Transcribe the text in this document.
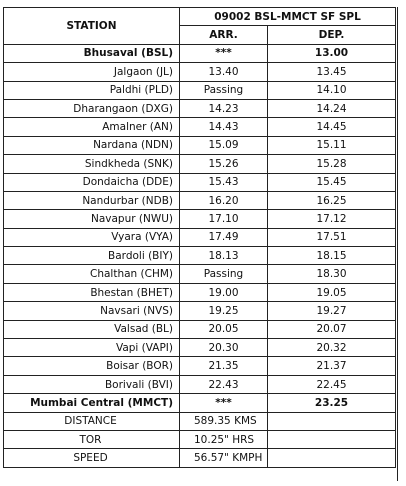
STATION	09002 BSL-MMCT SF SPL	
	ARR.	DEP.
Bhusaval (BSL)	***	13.00
Jalgaon (JL)	13.40	13.45
Paldhi (PLD)	Passing	14.10
Dharangaon (DXG)	14.23	14.24
Amalner (AN)	14.43	14.45
Nardana (NDN)	15.09	15.11
Sindkheda (SNK)	15.26	15.28
Dondaicha (DDE)	15.43	15.45
Nandurbar (NDB)	16.20	16.25
Navapur (NWU)	17.10	17.12
Vyara (VYA)	17.49	17.51
Bardoli (BIY)	18.13	18.15
Chalthan (CHM)	Passing	18.30
Bhestan (BHET)	19.00	19.05
Navsari (NVS)	19.25	19.27
Valsad (BL)	20.05	20.07
Vapi (VAPI)	20.30	20.32
Boisar (BOR)	21.35	21.37
Borivali (BVI)	22.43	22.45
Mumbai Central (MMCT)	***	23.25
DISTANCE	589.35 KMS	
TOR	10.25" HRS	
SPEED	56.57" KMPH	
